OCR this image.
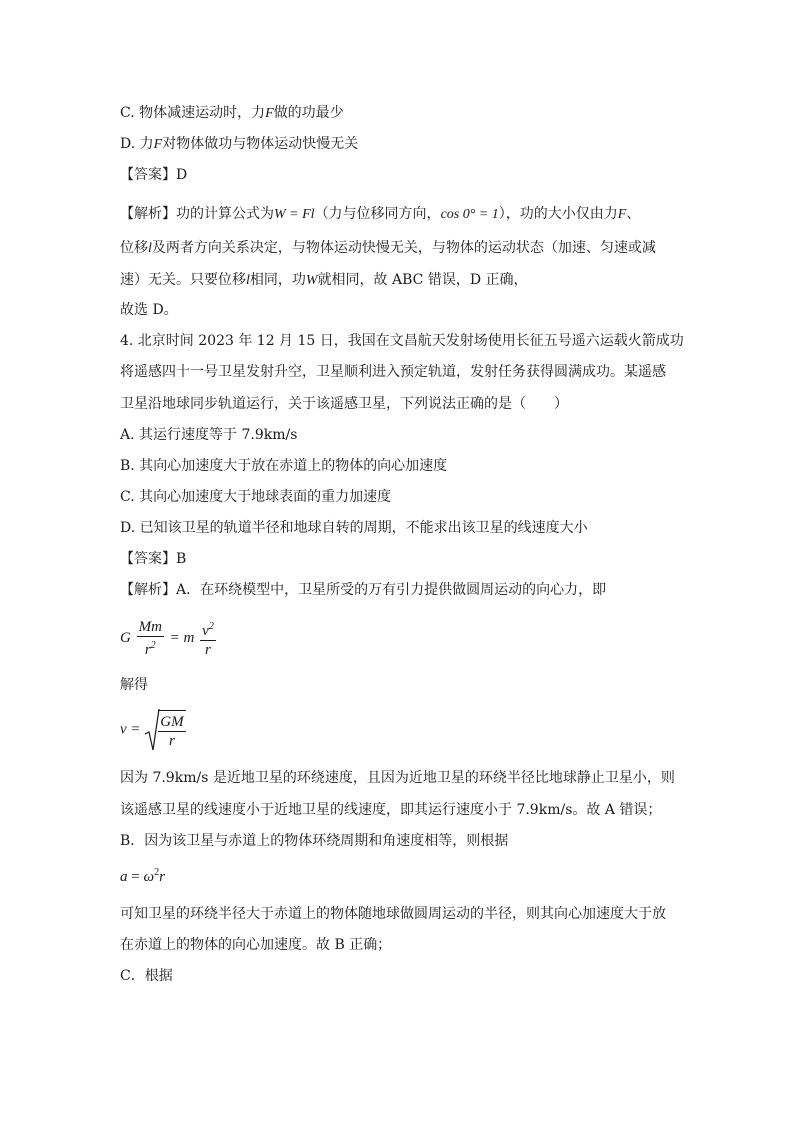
C. 物体减速运动时，力F做的功最少
D. 力F对物体做功与物体运动快慢无关
【答案】D
【解析】功的计算公式为W = Fl（力与位移同方向，cos 0° = 1），功的大小仅由力F、
位移l及两者方向关系决定，与物体运动快慢无关，与物体的运动状态（加速、匀速或减
速）无关。只要位移l相同，功W就相同，故 ABC 错误，D 正确，
故选 D。
4. 北京时间 2023 年 12 月 15 日，我国在文昌航天发射场使用长征五号遥六运载火箭成功
将遥感四十一号卫星发射升空，卫星顺利进入预定轨道，发射任务获得圆满成功。某遥感
卫星沿地球同步轨道运行，关于该遥感卫星，下列说法正确的是（　　）
A. 其运行速度等于 7.9km/s
B. 其向心加速度大于放在赤道上的物体的向心加速度
C. 其向心加速度大于地球表面的重力加速度
D. 已知该卫星的轨道半径和地球自转的周期，不能求出该卫星的线速度大小
【答案】B
【解析】A．在环绕模型中，卫星所受的万有引力提供做圆周运动的向心力，即
G $\frac{Mm}{r^2} = m \frac{v^2}{r}$
解得
$v = \frac{GM}{r}$
因为 7.9km/s 是近地卫星的环绕速度，且因为近地卫星的环绕半径比地球静止卫星小，则
该遥感卫星的线速度小于近地卫星的线速度，即其运行速度小于 7.9km/s。故 A 错误；
B．因为该卫星与赤道上的物体环绕周期和角速度相等，则根据
$a = \omega^2r$
可知卫星的环绕半径大于赤道上的物体随地球做圆周运动的半径，则其向心加速度大于放
在赤道上的物体的向心加速度。故 B 正确；
C．根据
